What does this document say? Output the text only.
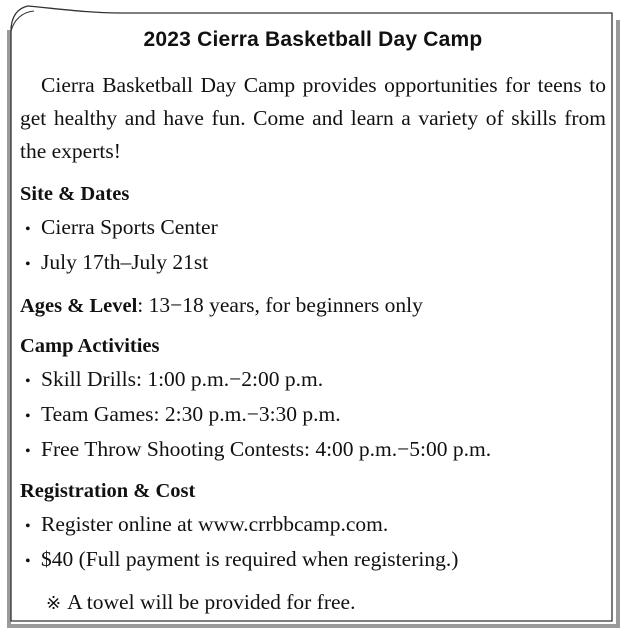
2023 Cierra Basketball Day Camp

Cierra Basketball Day Camp provides opportunities for teens to get healthy and have fun. Come and learn a variety of skills from the experts!

Site & Dates
• Cierra Sports Center
• July 17th–July 21st
Ages & Level: 13−18 years, for beginners only
Camp Activities
• Skill Drills: 1:00 p.m.−2:00 p.m.
• Team Games: 2:30 p.m.−3:30 p.m.
• Free Throw Shooting Contests: 4:00 p.m.−5:00 p.m.
Registration & Cost
• Register online at www.crrbbcamp.com.
• $40 (Full payment is required when registering.)
※ A towel will be provided for free.
